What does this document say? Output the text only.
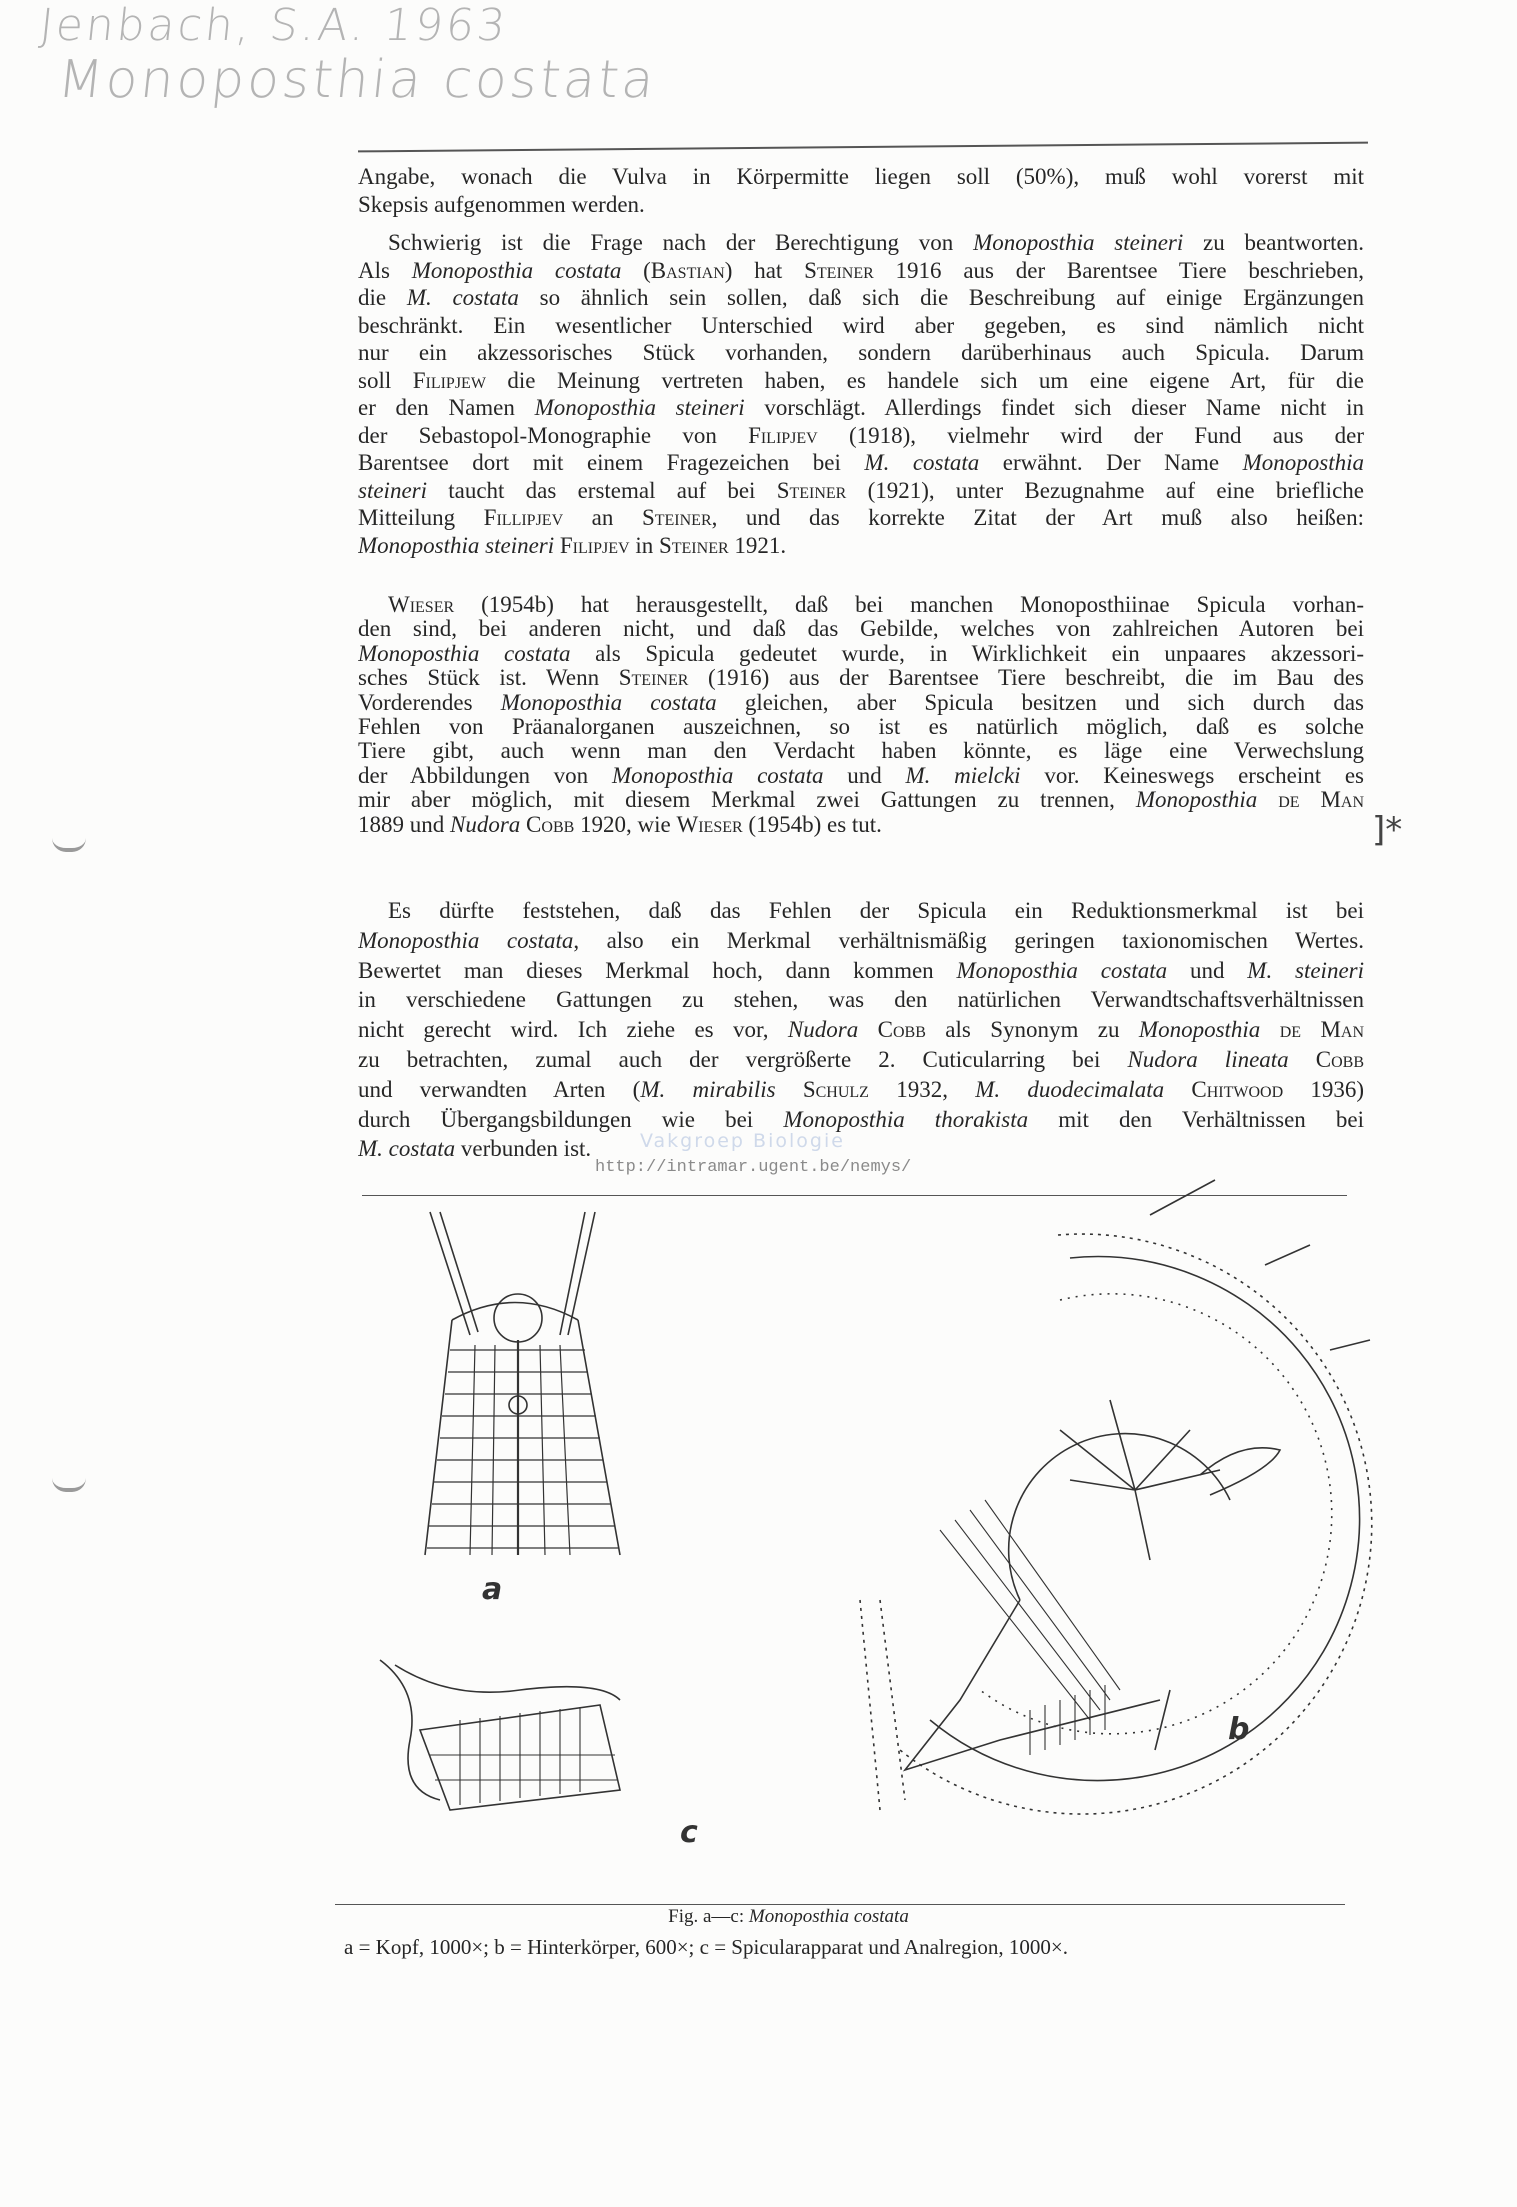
Jenbach, S.A. 1963
Monoposthia costata
Angabe, wonach die Vulva in Körpermitte liegen soll (50%), muß wohl vorerst mit
Skepsis aufgenommen werden.
Schwierig ist die Frage nach der Berechtigung von Monoposthia steineri zu beantworten.
Als Monoposthia costata (Bastian) hat Steiner 1916 aus der Barentsee Tiere beschrieben,
die M. costata so ähnlich sein sollen, daß sich die Beschreibung auf einige Ergänzungen
beschränkt. Ein wesentlicher Unterschied wird aber gegeben, es sind nämlich nicht
nur ein akzessorisches Stück vorhanden, sondern darüberhinaus auch Spicula. Darum
soll Filipjew die Meinung vertreten haben, es handele sich um eine eigene Art, für die
er den Namen Monoposthia steineri vorschlägt. Allerdings findet sich dieser Name nicht in
der Sebastopol-Monographie von Filipjev (1918), vielmehr wird der Fund aus der
Barentsee dort mit einem Fragezeichen bei M. costata erwähnt. Der Name Monoposthia
steineri taucht das erstemal auf bei Steiner (1921), unter Bezugnahme auf eine briefliche
Mitteilung Fillipjev an Steiner, und das korrekte Zitat der Art muß also heißen:
Monoposthia steineri Filipjev in Steiner 1921.
Wieser (1954b) hat herausgestellt, daß bei manchen Monoposthiinae Spicula vorhan-
den sind, bei anderen nicht, und daß das Gebilde, welches von zahlreichen Autoren bei
Monoposthia costata als Spicula gedeutet wurde, in Wirklichkeit ein unpaares akzessori-
sches Stück ist. Wenn Steiner (1916) aus der Barentsee Tiere beschreibt, die im Bau des
Vorderendes Monoposthia costata gleichen, aber Spicula besitzen und sich durch das
Fehlen von Präanalorganen auszeichnen, so ist es natürlich möglich, daß es solche
Tiere gibt, auch wenn man den Verdacht haben könnte, es läge eine Verwechslung
der Abbildungen von Monoposthia costata und M. mielcki vor. Keineswegs erscheint es
mir aber möglich, mit diesem Merkmal zwei Gattungen zu trennen, Monoposthia de Man
1889 und Nudora Cobb 1920, wie Wieser (1954b) es tut.
Es dürfte feststehen, daß das Fehlen der Spicula ein Reduktionsmerkmal ist bei
Monoposthia costata, also ein Merkmal verhältnismäßig geringen taxionomischen Wertes.
Bewertet man dieses Merkmal hoch, dann kommen Monoposthia costata und M. steineri
in verschiedene Gattungen zu stehen, was den natürlichen Verwandtschaftsverhältnissen
nicht gerecht wird. Ich ziehe es vor, Nudora Cobb als Synonym zu Monoposthia de Man
zu betrachten, zumal auch der vergrößerte 2. Cuticularring bei Nudora lineata Cobb
und verwandten Arten (M. mirabilis Schulz 1932, M. duodecimalata Chitwood 1936)
durch Übergangsbildungen wie bei Monoposthia thorakista mit den Verhältnissen bei
M. costata verbunden ist.
]*
Vakgroep Biologie
http://intramar.ugent.be/nemys/
a
b
c
Fig. a—c: Monoposthia costata
a = Kopf, 1000×; b = Hinterkörper, 600×; c = Spicularapparat und Analregion, 1000×.
